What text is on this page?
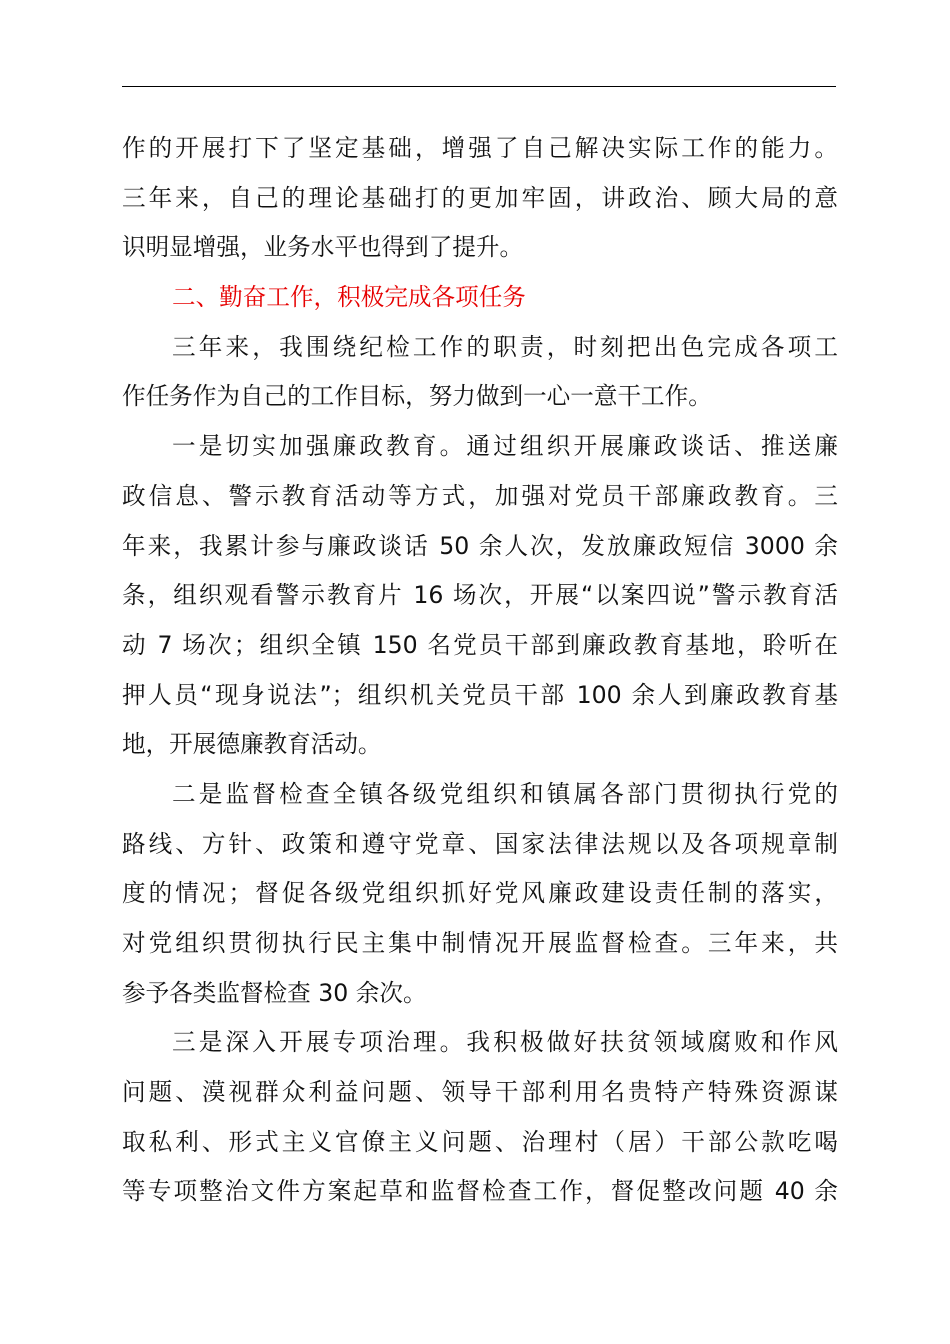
作的开展打下了坚定基础，增强了自己解决实际工作的能力。
三年来，自己的理论基础打的更加牢固，讲政治、顾大局的意
识明显增强，业务水平也得到了提升。
二、勤奋工作，积极完成各项任务
三年来，我围绕纪检工作的职责，时刻把出色完成各项工
作任务作为自己的工作目标，努力做到一心一意干工作。
一是切实加强廉政教育。通过组织开展廉政谈话、推送廉
政信息、警示教育活动等方式，加强对党员干部廉政教育。三
年来，我累计参与廉政谈话 50 余人次，发放廉政短信 3000 余
条，组织观看警示教育片 16 场次，开展“以案四说”警示教育活
动 7 场次；组织全镇 150 名党员干部到廉政教育基地，聆听在
押人员“现身说法”；组织机关党员干部 100 余人到廉政教育基
地，开展德廉教育活动。
二是监督检查全镇各级党组织和镇属各部门贯彻执行党的
路线、方针、政策和遵守党章、国家法律法规以及各项规章制
度的情况；督促各级党组织抓好党风廉政建设责任制的落实，
对党组织贯彻执行民主集中制情况开展监督检查。三年来，共
参予各类监督检查 30 余次。
三是深入开展专项治理。我积极做好扶贫领域腐败和作风
问题、漠视群众利益问题、领导干部利用名贵特产特殊资源谋
取私利、形式主义官僚主义问题、治理村（居）干部公款吃喝
等专项整治文件方案起草和监督检查工作，督促整改问题 40 余
